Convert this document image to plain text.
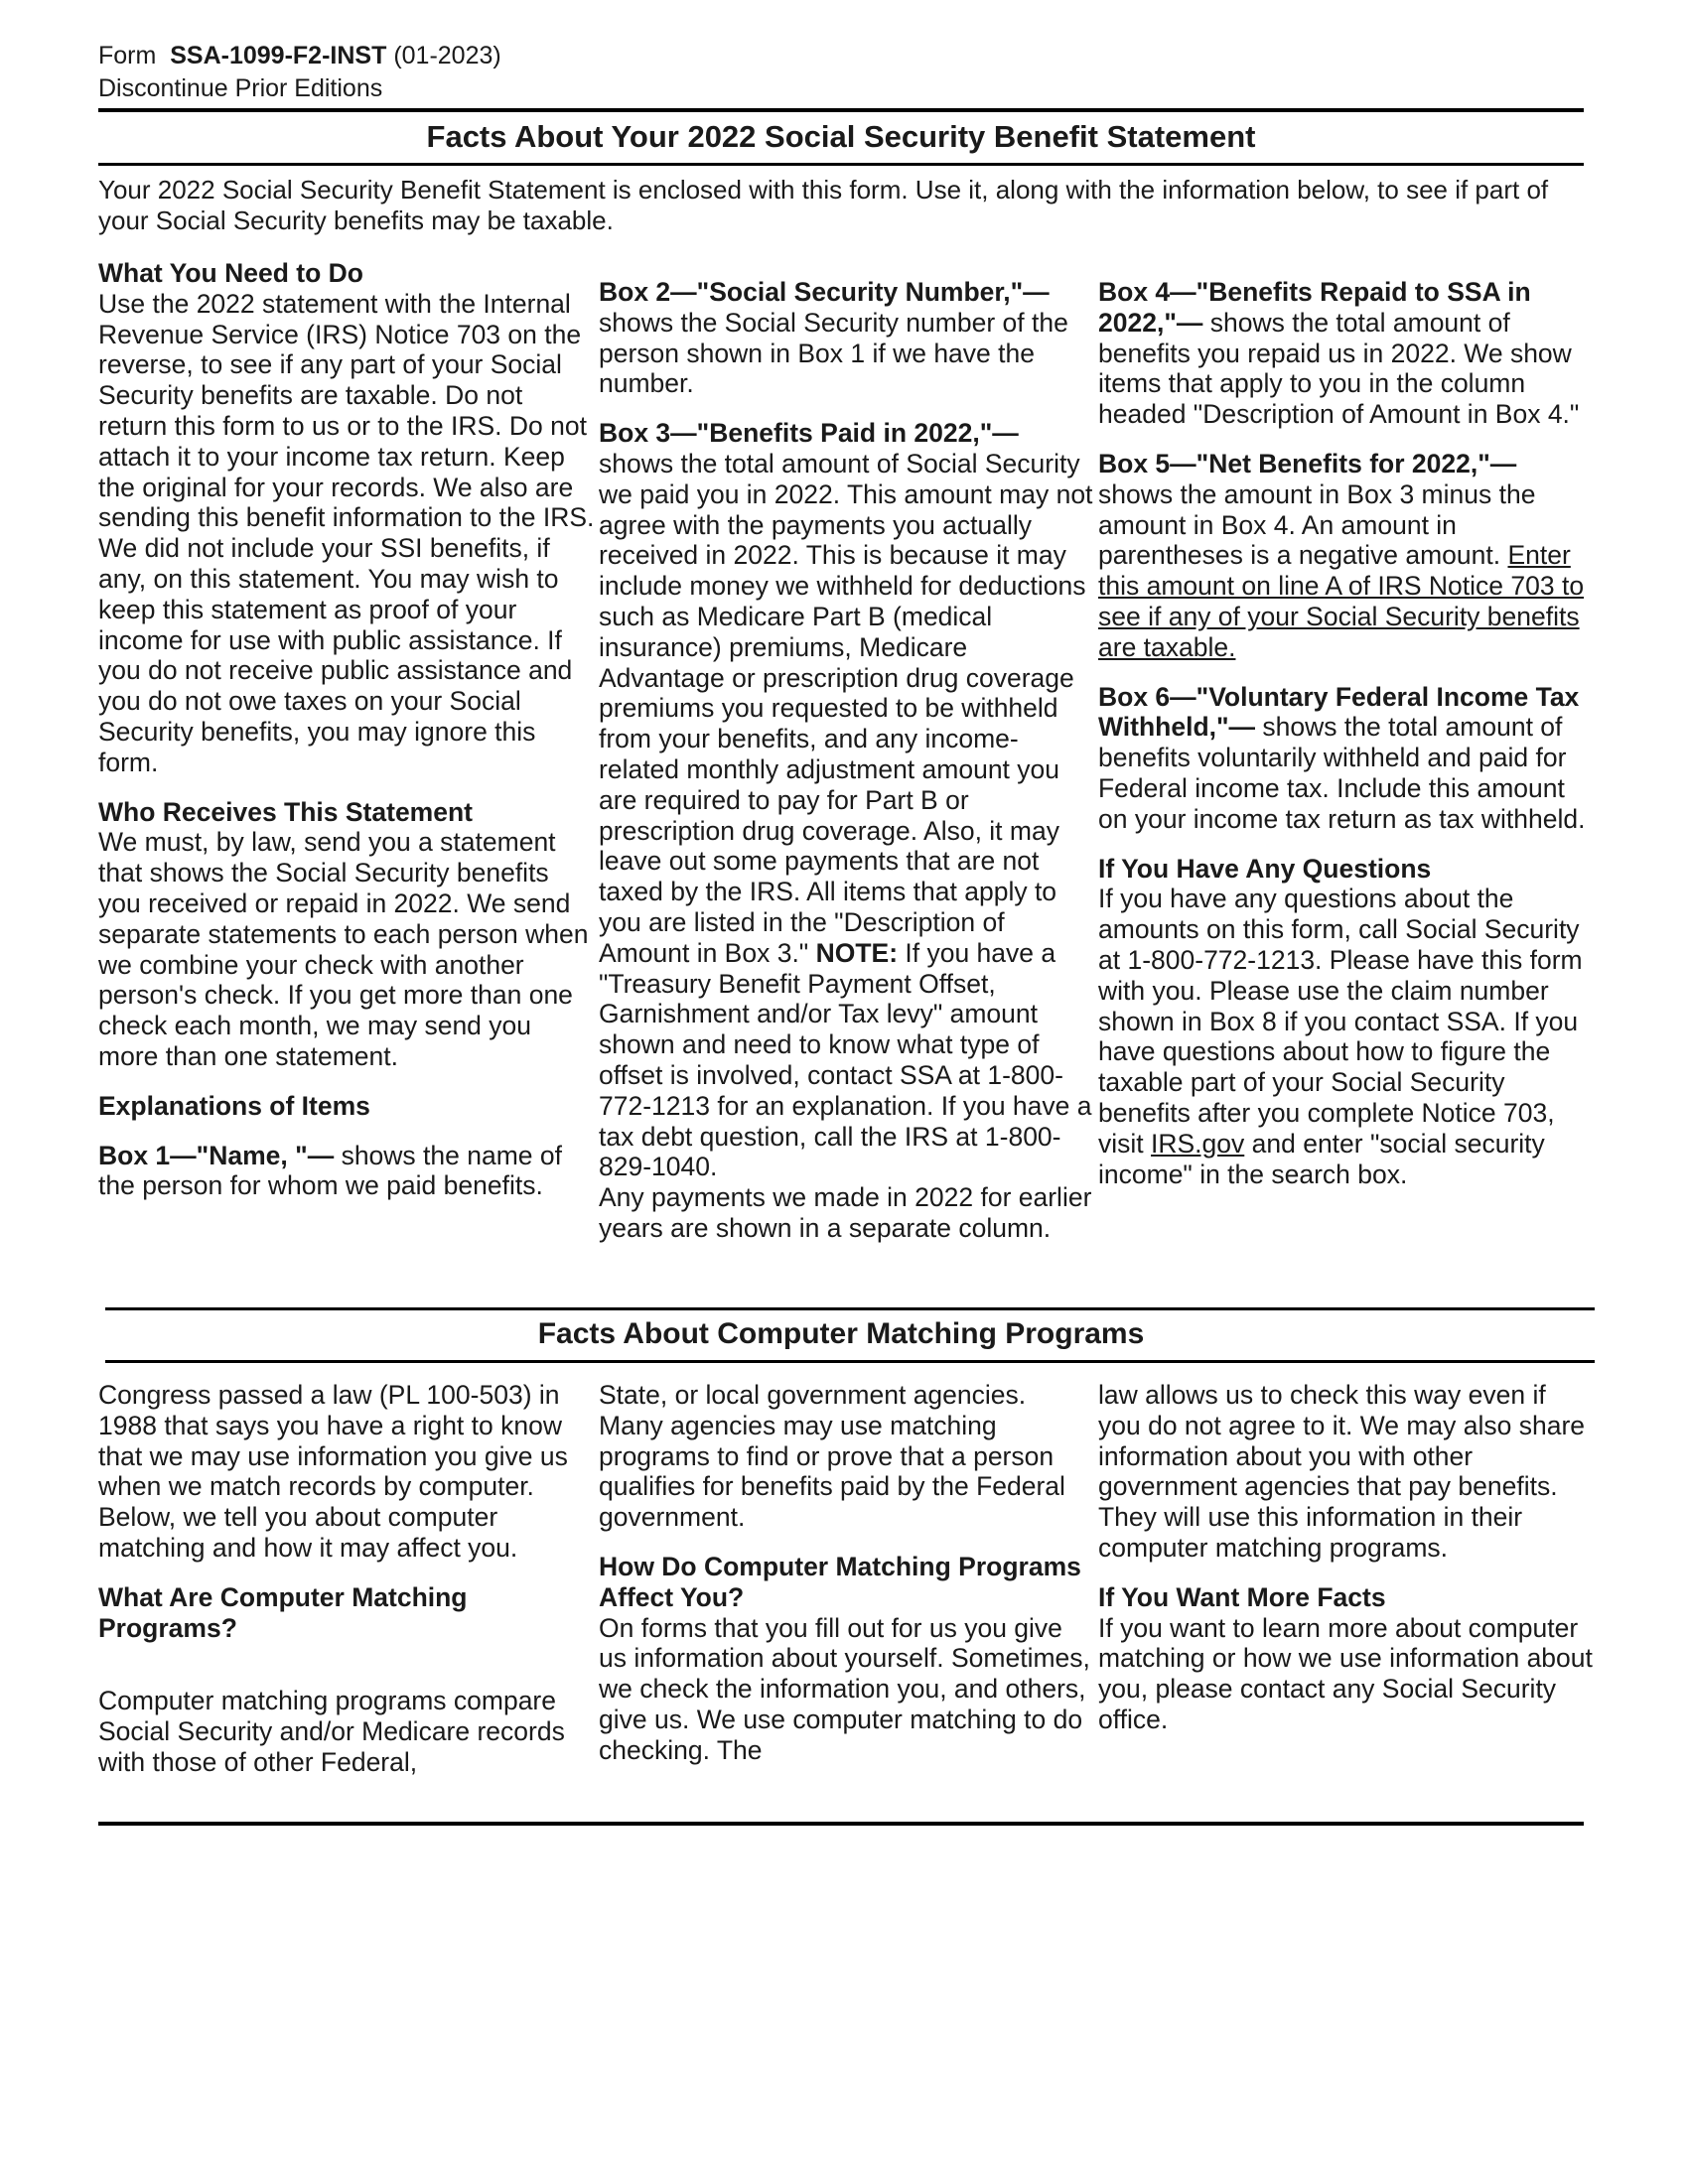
Form SSA-1099-F2-INST (01-2023)
Discontinue Prior Editions
Facts About Your 2022 Social Security Benefit Statement
Your 2022 Social Security Benefit Statement is enclosed with this form. Use it, along with the information below, to see if part of your Social Security benefits may be taxable.
What You Need to Do

Use the 2022 statement with the Internal Revenue Service (IRS) Notice 703 on the reverse, to see if any part of your Social Security benefits are taxable. Do not return this form to us or to the IRS. Do not attach it to your income tax return. Keep the original for your records. We also are sending this benefit information to the IRS. We did not include your SSI benefits, if any, on this statement. You may wish to keep this statement as proof of your income for use with public assistance. If you do not receive public assistance and you do not owe taxes on your Social Security benefits, you may ignore this form.

Who Receives This Statement

We must, by law, send you a statement that shows the Social Security benefits you received or repaid in 2022. We send separate statements to each person when we combine your check with another person's check. If you get more than one check each month, we may send you more than one statement.

Explanations of Items

Box 1—"Name, "— shows the name of the person for whom we paid benefits.

Box 2—"Social Security Number,"— shows the Social Security number of the person shown in Box 1 if we have the number.

Box 3—"Benefits Paid in 2022,"— shows the total amount of Social Security we paid you in 2022. This amount may not agree with the payments you actually received in 2022. This is because it may include money we withheld for deductions such as Medicare Part B (medical insurance) premiums, Medicare Advantage or prescription drug coverage premiums you requested to be withheld from your benefits, and any income-related monthly adjustment amount you are required to pay for Part B or prescription drug coverage. Also, it may leave out some payments that are not taxed by the IRS. All items that apply to you are listed in the "Description of Amount in Box 3." NOTE: If you have a "Treasury Benefit Payment Offset, Garnishment and/or Tax levy" amount shown and need to know what type of offset is involved, contact SSA at 1-800-772-1213 for an explanation. If you have a tax debt question, call the IRS at 1-800-829-1040.

Any payments we made in 2022 for earlier years are shown in a separate column.

Box 4—"Benefits Repaid to SSA in 2022,"— shows the total amount of benefits you repaid us in 2022. We show items that apply to you in the column headed "Description of Amount in Box 4."

Box 5—"Net Benefits for 2022,"— shows the amount in Box 3 minus the amount in Box 4. An amount in parentheses is a negative amount. Enter this amount on line A of IRS Notice 703 to see if any of your Social Security benefits are taxable.

Box 6—"Voluntary Federal Income Tax Withheld,"— shows the total amount of benefits voluntarily withheld and paid for Federal income tax. Include this amount on your income tax return as tax withheld.

If You Have Any Questions

If you have any questions about the amounts on this form, call Social Security at 1-800-772-1213. Please have this form with you. Please use the claim number shown in Box 8 if you contact SSA. If you have questions about how to figure the taxable part of your Social Security benefits after you complete Notice 703, visit IRS.gov and enter "social security income" in the search box.

Facts About Computer Matching Programs

Congress passed a law (PL 100-503) in 1988 that says you have a right to know that we may use information you give us when we match records by computer. Below, we tell you about computer matching and how it may affect you.

What Are Computer Matching Programs?

Computer matching programs compare Social Security and/or Medicare records with those of other Federal,

State, or local government agencies. Many agencies may use matching programs to find or prove that a person qualifies for benefits paid by the Federal government.

How Do Computer Matching Programs Affect You?

On forms that you fill out for us you give us information about yourself. Sometimes, we check the information you, and others, give us. We use computer matching to do checking. The

law allows us to check this way even if you do not agree to it. We may also share information about you with other government agencies that pay benefits. They will use this information in their computer matching programs.

If You Want More Facts

If you want to learn more about computer matching or how we use information about you, please contact any Social Security office.
